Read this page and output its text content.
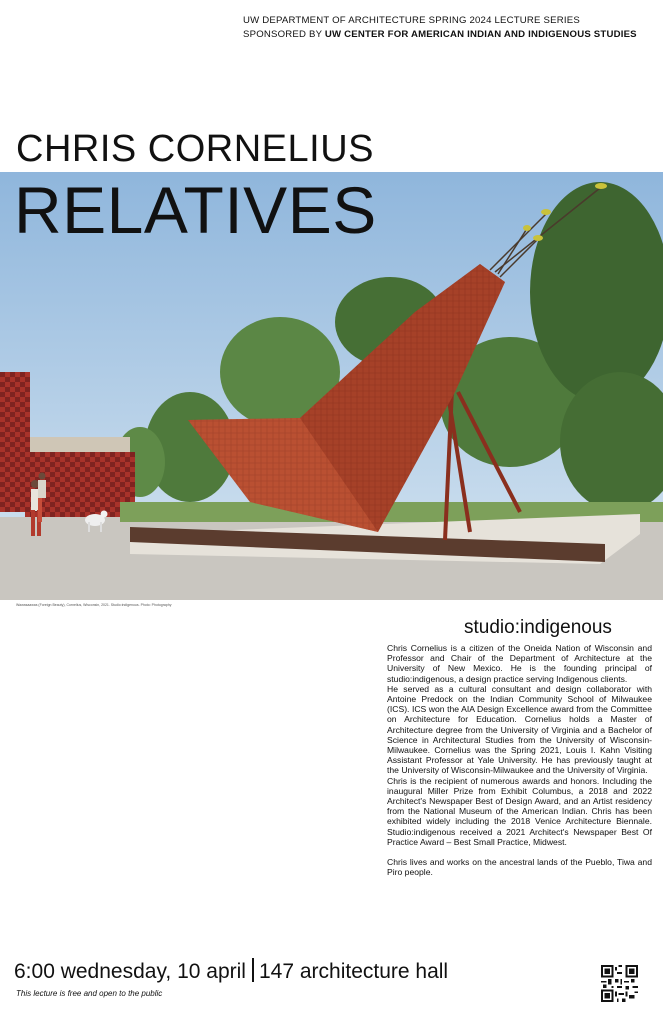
UW DEPARTMENT OF ARCHITECTURE SPRING 2024 LECTURE SERIES
SPONSORED BY UW CENTER FOR AMERICAN INDIAN AND INDIGENOUS STUDIES
CHRIS CORNELIUS
RELATIVES
Wawasaawas (Foreign Beauty), Cornelius, Wisconsin, 2021. Studio:indigenous. Photo: Photography
studio:indigenous

Chris Cornelius is a citizen of the Oneida Nation of Wisconsin and Professor and Chair of the Department of Architecture at the University of New Mexico. He is the founding principal of studio:indigenous, a design practice serving Indigenous clients.

He served as a cultural consultant and design collaborator with Antoine Predock on the Indian Community School of Milwaukee (ICS). ICS won the AIA Design Excellence award from the Committee on Architecture for Education. Cornelius holds a Master of Architecture degree from the University of Virginia and a Bachelor of Science in Architectural Studies from the University of Wisconsin-Milwaukee. Cornelius was the Spring 2021, Louis I. Kahn Visiting Assistant Professor at Yale University. He has previously taught at the University of Wisconsin-Milwaukee and the University of Virginia.

Chris is the recipient of numerous awards and honors. Including the inaugural Miller Prize from Exhibit Columbus, a 2018 and 2022 Architect's Newspaper Best of Design Award, and an Artist residency from the National Museum of the American Indian. Chris has been exhibited widely including the 2018 Venice Architecture Biennale. Studio:indigenous received a 2021 Architect's Newspaper Best Of Practice Award – Best Small Practice, Midwest.

Chris lives and works on the ancestral lands of the Pueblo, Tiwa and Piro people.

6:00 wednesday, 10 april 147 architecture hall
This lecture is free and open to the public
